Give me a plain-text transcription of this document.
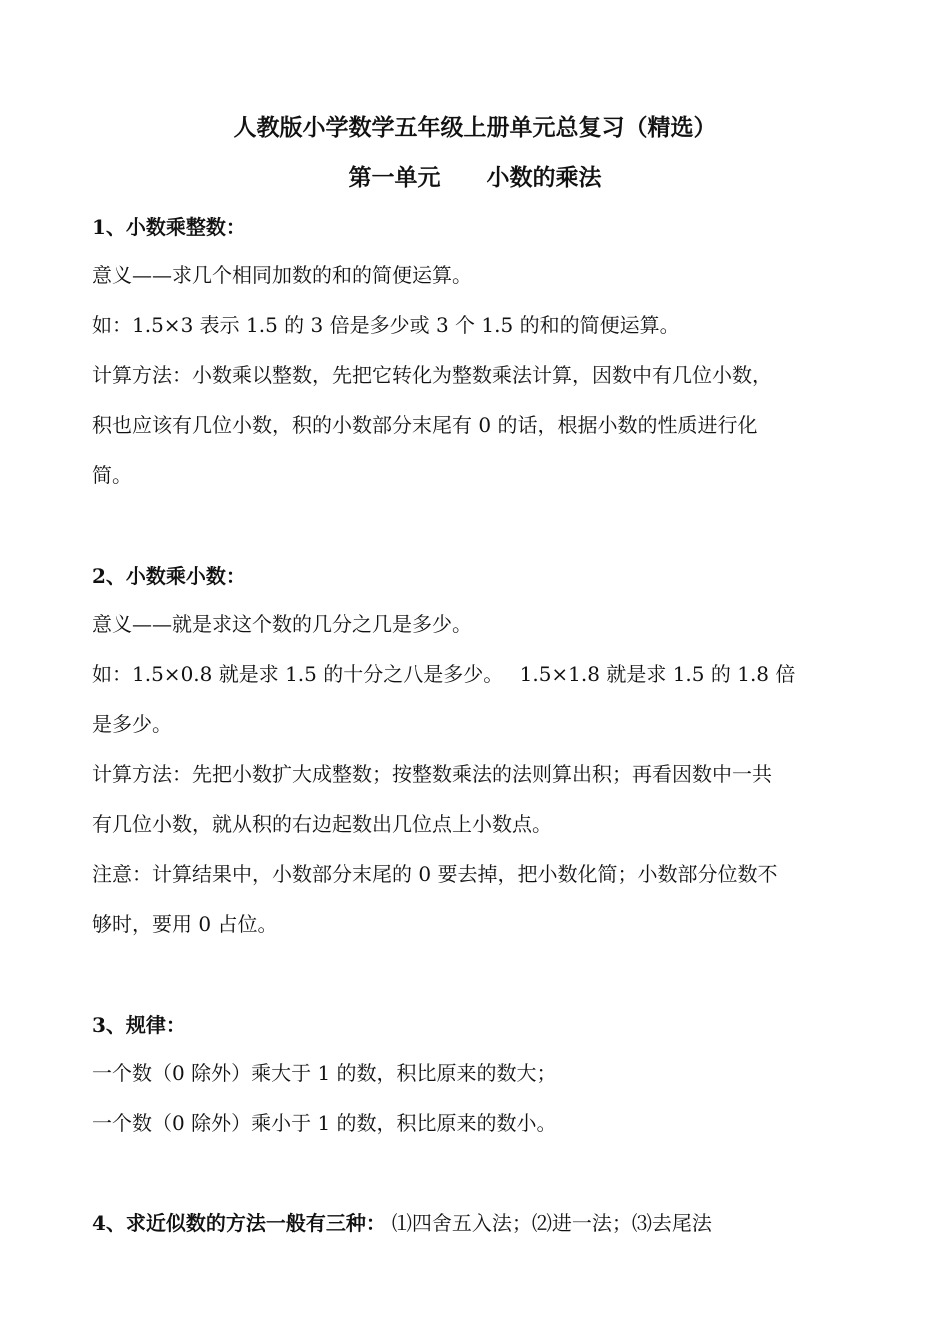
人教版小学数学五年级上册单元总复习（精选）
第一单元　　小数的乘法
1、小数乘整数：
意义——求几个相同加数的和的简便运算。
如：1.5×3 表示 1.5 的 3 倍是多少或 3 个 1.5 的和的简便运算。
计算方法：小数乘以整数，先把它转化为整数乘法计算，因数中有几位小数，
积也应该有几位小数，积的小数部分末尾有 0 的话，根据小数的性质进行化
简。
2、小数乘小数：
意义——就是求这个数的几分之几是多少。
如：1.5×0.8 就是求 1.5 的十分之八是多少。　 1.5×1.8 就是求 1.5 的 1.8 倍
是多少。
计算方法：先把小数扩大成整数；按整数乘法的法则算出积；再看因数中一共
有几位小数，就从积的右边起数出几位点上小数点。
注意：计算结果中，小数部分末尾的 0 要去掉，把小数化简；小数部分位数不
够时，要用 0 占位。
3、规律：
一个数（0 除外）乘大于 1 的数，积比原来的数大；
一个数（0 除外）乘小于 1 的数，积比原来的数小。
4、求近似数的方法一般有三种： ⑴四舍五入法；⑵进一法；⑶去尾法
